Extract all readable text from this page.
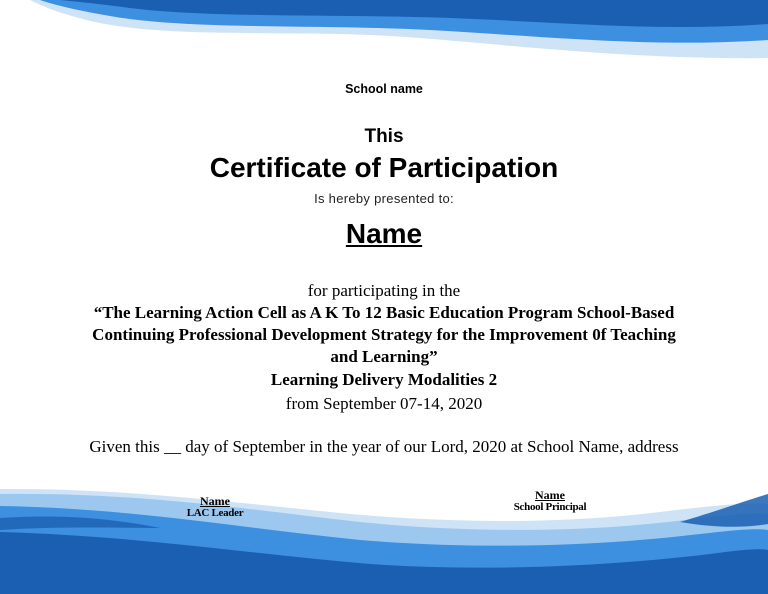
School name
This
Certificate of Participation
Is hereby presented to:
Name
for participating in the
“The Learning Action Cell as A K To 12 Basic Education Program School-Based Continuing Professional Development Strategy for the Improvement 0f Teaching and Learning”
Learning Delivery Modalities 2
from September 07-14, 2020
Given this __ day of September in the year of our Lord, 2020 at School Name, address
Name
LAC Leader
Name
School Principal
